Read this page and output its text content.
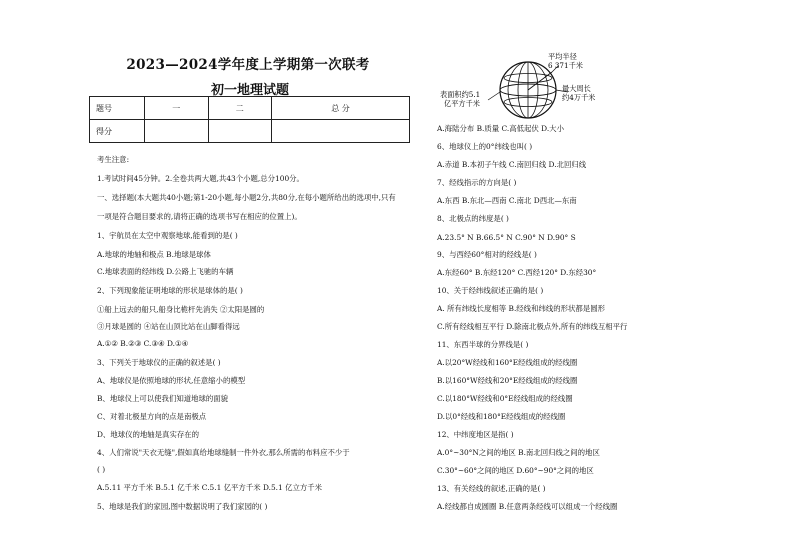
2023—2024学年度上学期第一次联考
初一地理试题
题号	一	二	总 分
得分			
考生注意:
1.考试时间45分钟。2.全卷共两大题,共43个小题,总分100分。
一、选择题(本大题共40小题;第1-20小题,每小题2分,共80分,在每小题所给出的选项中,只有
一项是符合题目要求的,请将正确的选项书写在相应的位置上)。
1、宇航员在太空中观察地球,能看到的是( )
A.地球的地轴和极点 B.地球是球体
C.地球表面的经纬线 D.公路上飞驰的车辆
2、下列现象能证明地球的形状是球体的是( )
①船上远去的船只,船身比桅杆先消失 ②太阳是圆的
③月球是圆的 ④站在山顶比站在山脚看得远
A.①② B.②③ C.③④ D.①④
3、下列关于地球仪的正确的叙述是( )
A、地球仪是依照地球的形状,任意缩小的模型
B、地球仪上可以使我们知道地球的面貌
C、对着北极星方向的点是南极点
D、地球仪的地轴是真实存在的
4、人们常说"天衣无缝",假如真给地球缝制一件外衣,那么所需的布料应不少于
( )
A.5.11 平方千米 B.5.1 亿千米 C.5.1 亿平方千米 D.5.1 亿立方千米
5、地球是我们的家园,图中数据说明了我们家园的( )
平均半径
6 371千米
最大周长
约4万千米
表面积约5.1
亿平方千米
A.海陆分布 B.质量 C.高低起伏 D.大小
6、地球仪上的0°纬线也叫( )
A.赤道 B.本初子午线 C.南回归线 D.北回归线
7、经线指示的方向是( )
A.东西 B.东北—西南 C.南北 D西北—东南
8、北极点的纬度是( )
A.23.5° N B.66.5° N C.90° N D.90° S
9、与西经60°相对的经线是( )
A.东经60° B.东经120° C.西经120° D.东经30°
10、关于经纬线叙述正确的是( )
A. 所有纬线长度相等 B.经线和纬线的形状都是圆形
C.所有经线相互平行 D.除南北极点外,所有的纬线互相平行
11、东西半球的分界线是( )
A.以20°W经线和160°E经线组成的经线圈
B.以160°W经线和20°E经线组成的经线圈
C.以180°W经线和0°E经线组成的经线圈
D.以0°经线和180°E经线组成的经线圈
12、中纬度地区是指( )
A.0°~30°N之间的地区 B.南北回归线之间的地区
C.30°~60°之间的地区 D.60°~90°之间的地区
13、有关经线的叙述,正确的是( )
A.经线都自成圆圈 B.任意两条经线可以组成一个经线圈
